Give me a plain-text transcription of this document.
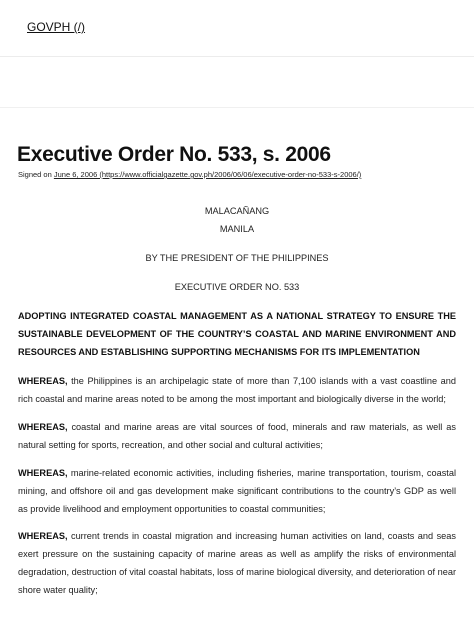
GOVPH (/)
Executive Order No. 533, s. 2006
Signed on June 6, 2006 (https://www.officialgazette.gov.ph/2006/06/06/executive-order-no-533-s-2006/)
MALACAÑANG
MANILA
BY THE PRESIDENT OF THE PHILIPPINES
EXECUTIVE ORDER NO. 533

ADOPTING INTEGRATED COASTAL MANAGEMENT AS A NATIONAL STRATEGY TO ENSURE THE SUSTAINABLE DEVELOPMENT OF THE COUNTRY’S COASTAL AND MARINE ENVIRONMENT AND RESOURCES AND ESTABLISHING SUPPORTING MECHANISMS FOR ITS IMPLEMENTATION

WHEREAS, the Philippines is an archipelagic state of more than 7,100 islands with a vast coastline and rich coastal and marine areas noted to be among the most important and biologically diverse in the world;

WHEREAS, coastal and marine areas are vital sources of food, minerals and raw materials, as well as natural setting for sports, recreation, and other social and cultural activities;

WHEREAS, marine-related economic activities, including fisheries, marine transportation, tourism, coastal mining, and offshore oil and gas development make significant contributions to the country’s GDP as well as provide livelihood and employment opportunities to coastal communities;

WHEREAS, current trends in coastal migration and increasing human activities on land, coasts and seas exert pressure on the sustaining capacity of marine areas as well as amplify the risks of environmental degradation, destruction of vital coastal habitats, loss of marine biological diversity, and deterioration of near shore water quality;
